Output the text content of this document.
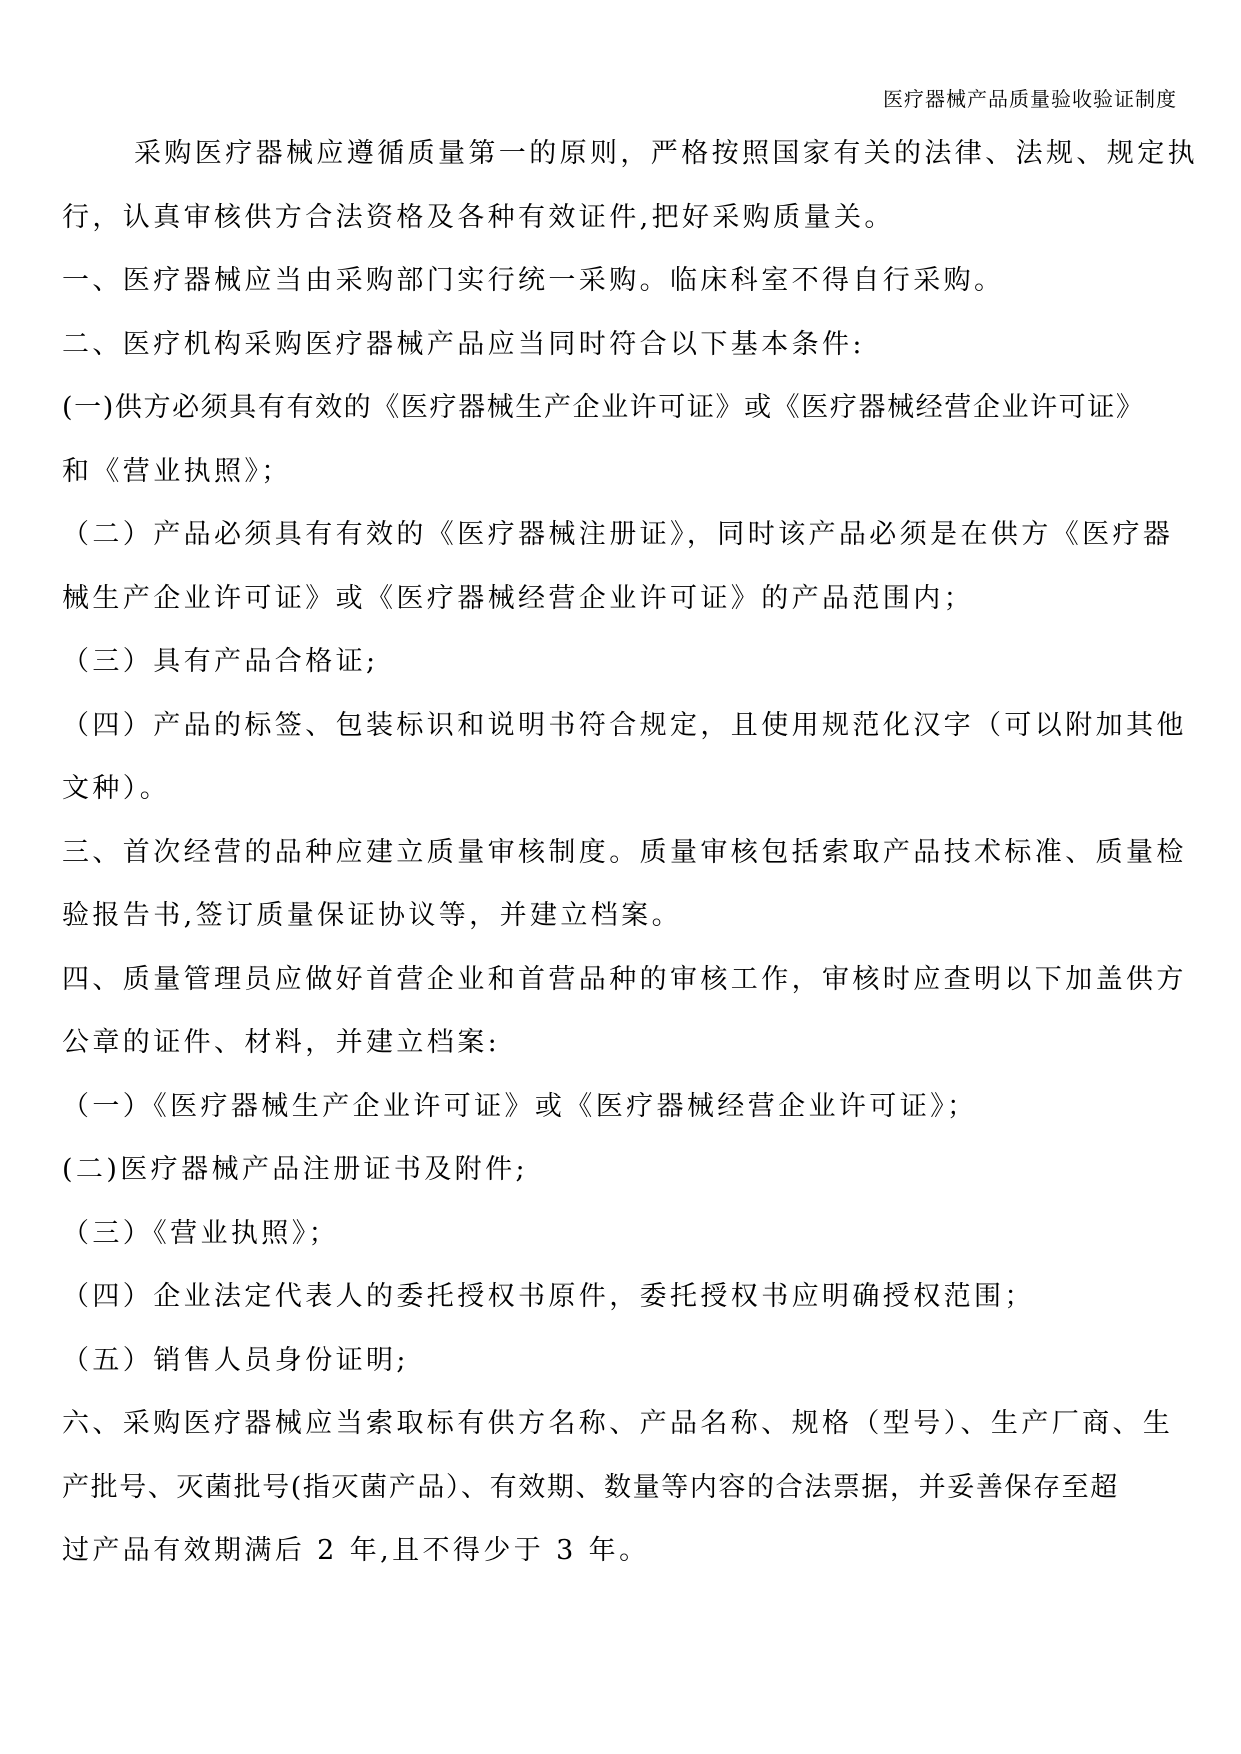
医疗器械产品质量验收验证制度
采购医疗器械应遵循质量第一的原则，严格按照国家有关的法律、法规、规定执
行，认真审核供方合法资格及各种有效证件,把好采购质量关。
一、医疗器械应当由采购部门实行统一采购。临床科室不得自行采购。
二、医疗机构采购医疗器械产品应当同时符合以下基本条件:
(一)供方必须具有有效的《医疗器械生产企业许可证》或《医疗器械经营企业许可证》
和《营业执照》；
（二）产品必须具有有效的《医疗器械注册证》，同时该产品必须是在供方《医疗器
械生产企业许可证》或《医疗器械经营企业许可证》的产品范围内；
（三）具有产品合格证;
（四）产品的标签、包装标识和说明书符合规定，且使用规范化汉字（可以附加其他
文种）。
三、首次经营的品种应建立质量审核制度。质量审核包括索取产品技术标准、质量检
验报告书,签订质量保证协议等，并建立档案。
四、质量管理员应做好首营企业和首营品种的审核工作，审核时应查明以下加盖供方
公章的证件、材料，并建立档案:
（一）《医疗器械生产企业许可证》或《医疗器械经营企业许可证》；
(二)医疗器械产品注册证书及附件;
（三）《营业执照》；
（四）企业法定代表人的委托授权书原件，委托授权书应明确授权范围；
（五）销售人员身份证明;
六、采购医疗器械应当索取标有供方名称、产品名称、规格（型号）、生产厂商、生
产批号、灭菌批号(指灭菌产品）、有效期、数量等内容的合法票据，并妥善保存至超
过产品有效期满后 2 年,且不得少于 3 年。
